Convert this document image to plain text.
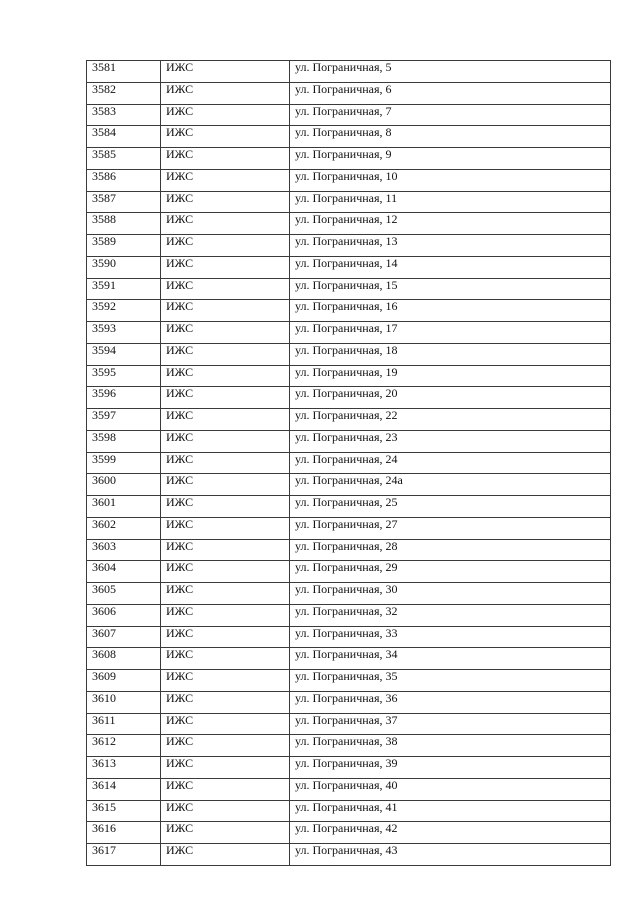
3581	ИЖС	ул. Пограничная, 5
3582	ИЖС	ул. Пограничная, 6
3583	ИЖС	ул. Пограничная, 7
3584	ИЖС	ул. Пограничная, 8
3585	ИЖС	ул. Пограничная, 9
3586	ИЖС	ул. Пограничная, 10
3587	ИЖС	ул. Пограничная, 11
3588	ИЖС	ул. Пограничная, 12
3589	ИЖС	ул. Пограничная, 13
3590	ИЖС	ул. Пограничная, 14
3591	ИЖС	ул. Пограничная, 15
3592	ИЖС	ул. Пограничная, 16
3593	ИЖС	ул. Пограничная, 17
3594	ИЖС	ул. Пограничная, 18
3595	ИЖС	ул. Пограничная, 19
3596	ИЖС	ул. Пограничная, 20
3597	ИЖС	ул. Пограничная, 22
3598	ИЖС	ул. Пограничная, 23
3599	ИЖС	ул. Пограничная, 24
3600	ИЖС	ул. Пограничная, 24а
3601	ИЖС	ул. Пограничная, 25
3602	ИЖС	ул. Пограничная, 27
3603	ИЖС	ул. Пограничная, 28
3604	ИЖС	ул. Пограничная, 29
3605	ИЖС	ул. Пограничная, 30
3606	ИЖС	ул. Пограничная, 32
3607	ИЖС	ул. Пограничная, 33
3608	ИЖС	ул. Пограничная, 34
3609	ИЖС	ул. Пограничная, 35
3610	ИЖС	ул. Пограничная, 36
3611	ИЖС	ул. Пограничная, 37
3612	ИЖС	ул. Пограничная, 38
3613	ИЖС	ул. Пограничная, 39
3614	ИЖС	ул. Пограничная, 40
3615	ИЖС	ул. Пограничная, 41
3616	ИЖС	ул. Пограничная, 42
3617	ИЖС	ул. Пограничная, 43
